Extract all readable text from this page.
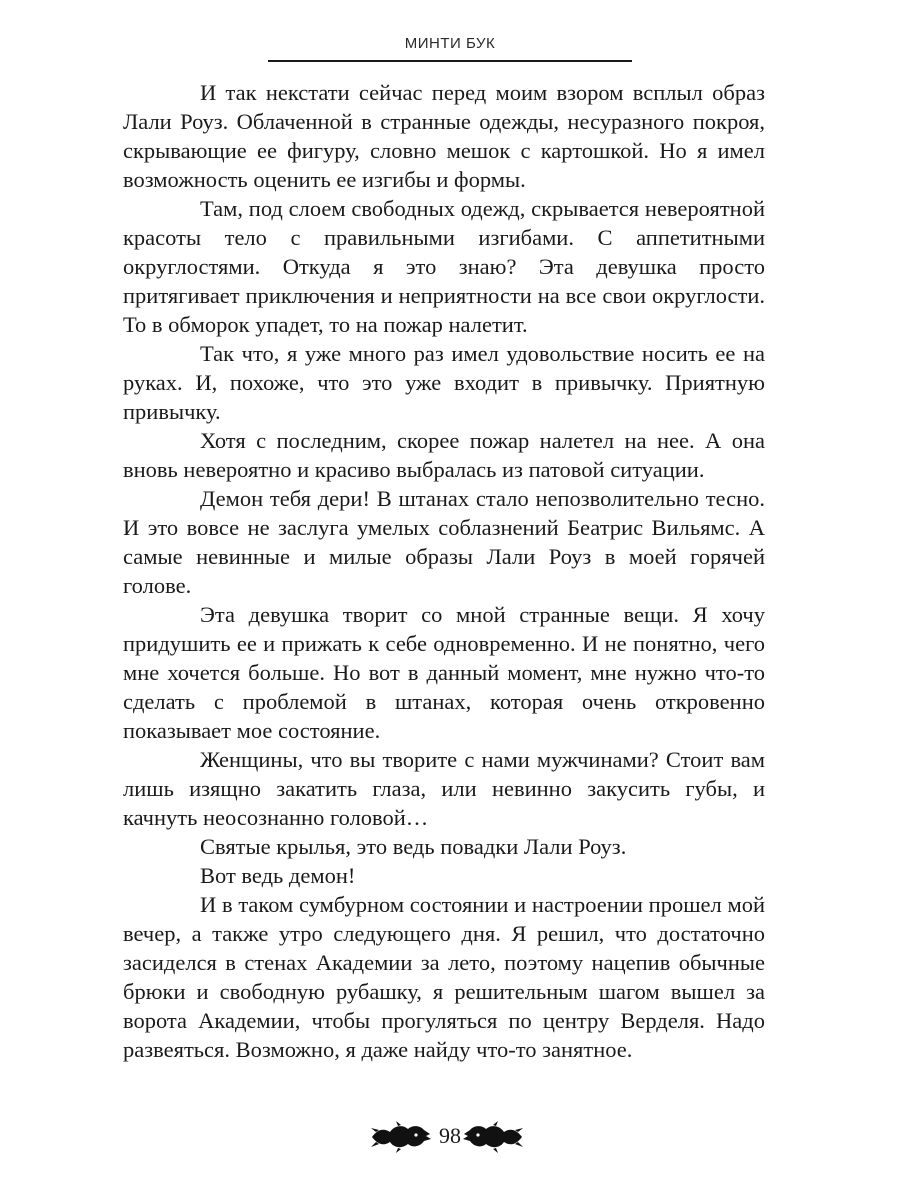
МИНТИ БУК

И так некстати сейчас перед моим взором всплыл образ Лали Роуз. Облаченной в странные одежды, несуразного покроя, скрывающие ее фигуру, словно мешок с картошкой. Но я имел возможность оценить ее изгибы и формы.

Там, под слоем свободных одежд, скрывается невероятной красоты тело с правильными изгибами. С аппетитными округлостями. Откуда я это знаю? Эта девушка просто притягивает приключения и неприятности на все свои округлости. То в обморок упадет, то на пожар налетит.

Так что, я уже много раз имел удовольствие носить ее на руках. И, похоже, что это уже входит в привычку. Приятную привычку.

Хотя с последним, скорее пожар налетел на нее. А она вновь невероятно и красиво выбралась из патовой ситуации.

Демон тебя дери! В штанах стало непозволительно тесно. И это вовсе не заслуга умелых соблазнений Беатрис Вильямс. А самые невинные и милые образы Лали Роуз в моей горячей голове.

Эта девушка творит со мной странные вещи. Я хочу придушить ее и прижать к себе одновременно. И не понятно, чего мне хочется больше. Но вот в данный момент, мне нужно что-то сделать с проблемой в штанах, которая очень откровенно показывает мое состояние.

Женщины, что вы творите с нами мужчинами? Стоит вам лишь изящно закатить глаза, или невинно закусить губы, и качнуть неосознанно головой…

Святые крылья, это ведь повадки Лали Роуз.

Вот ведь демон!

И в таком сумбурном состоянии и настроении прошел мой вечер, а также утро следующего дня. Я решил, что достаточно засиделся в стенах Академии за лето, поэтому нацепив обычные брюки и свободную рубашку, я решительным шагом вышел за ворота Академии, чтобы прогуляться по центру Верделя. Надо развеяться. Возможно, я даже найду что-то занятное.

98
